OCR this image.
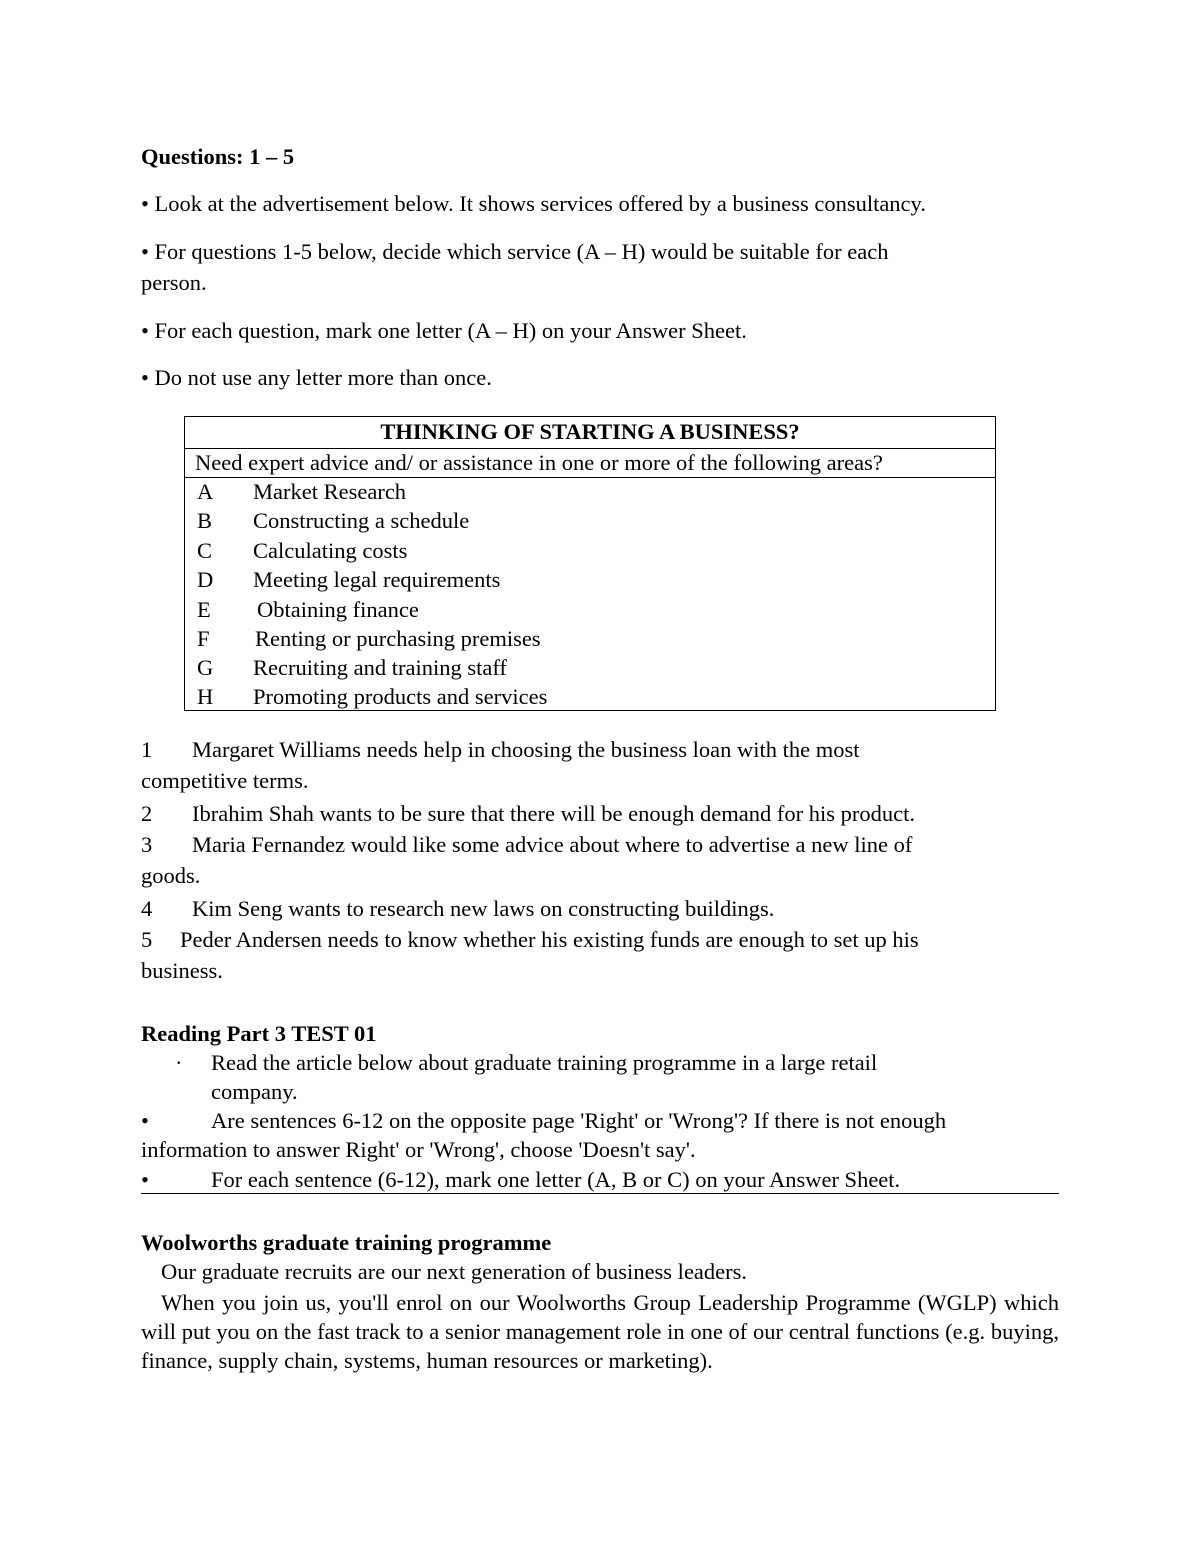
Questions: 1 – 5
• Look at the advertisement below. It shows services offered by a business consultancy.
• For questions 1-5 below, decide which service (A – H) would be suitable for each
person.
• For each question, mark one letter (A – H) on your Answer Sheet.
• Do not use any letter more than once.
THINKING OF STARTING A BUSINESS?
Need expert advice and/ or assistance in one or more of the following areas?
A Market Research
B Constructing a schedule
C Calculating costs
D Meeting legal requirements
E Obtaining finance
F Renting or purchasing premises
G Recruiting and training staff
H Promoting products and services
1 Margaret Williams needs help in choosing the business loan with the most
competitive terms.
2 Ibrahim Shah wants to be sure that there will be enough demand for his product.
3 Maria Fernandez would like some advice about where to advertise a new line of
goods.
4 Kim Seng wants to research new laws on constructing buildings.
5 Peder Andersen needs to know whether his existing funds are enough to set up his
business.
Reading Part 3 TEST 01
· Read the article below about graduate training programme in a large retail
company.
•	Are sentences 6-12 on the opposite page 'Right' or 'Wrong'? If there is not enough
information to answer Right' or 'Wrong', choose 'Doesn't say'.
•	For each sentence (6-12), mark one letter (A, B or C) on your Answer Sheet.
Woolworths graduate training programme
Our graduate recruits are our next generation of business leaders.
When you join us, you'll enrol on our Woolworths Group Leadership Programme (WGLP) which will put you on the fast track to a senior management role in one of our central functions (e.g. buying, finance, supply chain, systems, human resources or marketing).
